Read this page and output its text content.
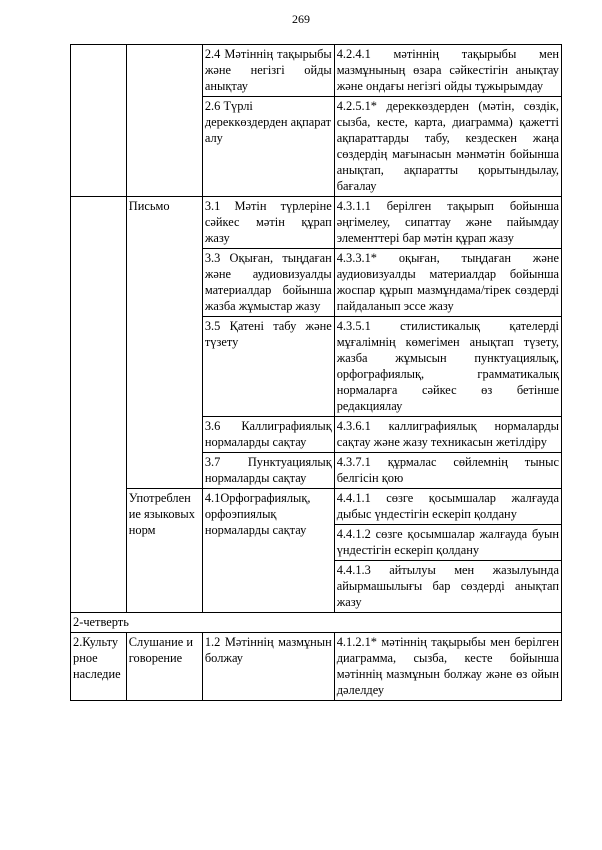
269
		2.4 Мәтіннің тақырыбы және негізгі ойды анықтау	4.2.4.1 мәтіннің тақырыбы мен мазмұнының өзара сәйкестігін анықтау және ондағы негізгі ойды тұжырымдау
		2.6 Түрлі дереккөздерден ақпарат алу	4.2.5.1* дереккөздерден (мәтін, сөздік, сызба, кесте, карта, диаграмма) қажетті ақпараттарды табу, кездескен жаңа сөздердің мағынасын мәнмәтін бойынша анықтап, ақпаратты қорытындылау, бағалау
	Письмо	3.1 Мәтін түрлеріне сәйкес мәтін құрап жазу	4.3.1.1 берілген тақырып бойынша әңгімелеу, сипаттау және пайымдау элементтері бар мәтін құрап жазу
		3.3 Оқыған, тыңдаған және аудиовизуалды материалдар бойынша жазба жұмыстар жазу	4.3.3.1* оқыған, тыңдаған және аудиовизуалды материалдар бойынша жоспар құрып мазмұндама/тірек сөздерді пайдаланып эссе жазу
		3.5 Қатені табу және түзету	4.3.5.1 стилистикалық қателерді мұғалімнің көмегімен анықтап түзету, жазба жұмысын пунктуациялық, орфографиялық, грамматикалық нормаларға сәйкес өз бетінше редакциялау
		3.6 Каллиграфиялық нормаларды сақтау	4.3.6.1 каллиграфиялық нормаларды сақтау және жазу техникасын жетілдіру
		3.7 Пунктуациялық нормаларды сақтау	4.3.7.1 құрмалас сөйлемнің тыныс белгісін қою
	Употреблен ие языковых норм	4.1Орфографиялық, орфоэпиялық нормаларды сақтау	4.4.1.1 сөзге қосымшалар жалғауда дыбыс үндестігін ескеріп қолдану
			4.4.1.2 сөзге қосымшалар жалғауда буын үндестігін ескеріп қолдану
			4.4.1.3 айтылуы мен жазылуында айырмашылығы бар сөздерді анықтап жазу
2-четверть			
2.Культу рное наследие	Слушание и говорение	1.2 Мәтіннің мазмұнын болжау	4.1.2.1* мәтіннің тақырыбы мен берілген диаграмма, сызба, кесте бойынша мәтіннің мазмұнын болжау және өз ойын дәлелдеу
